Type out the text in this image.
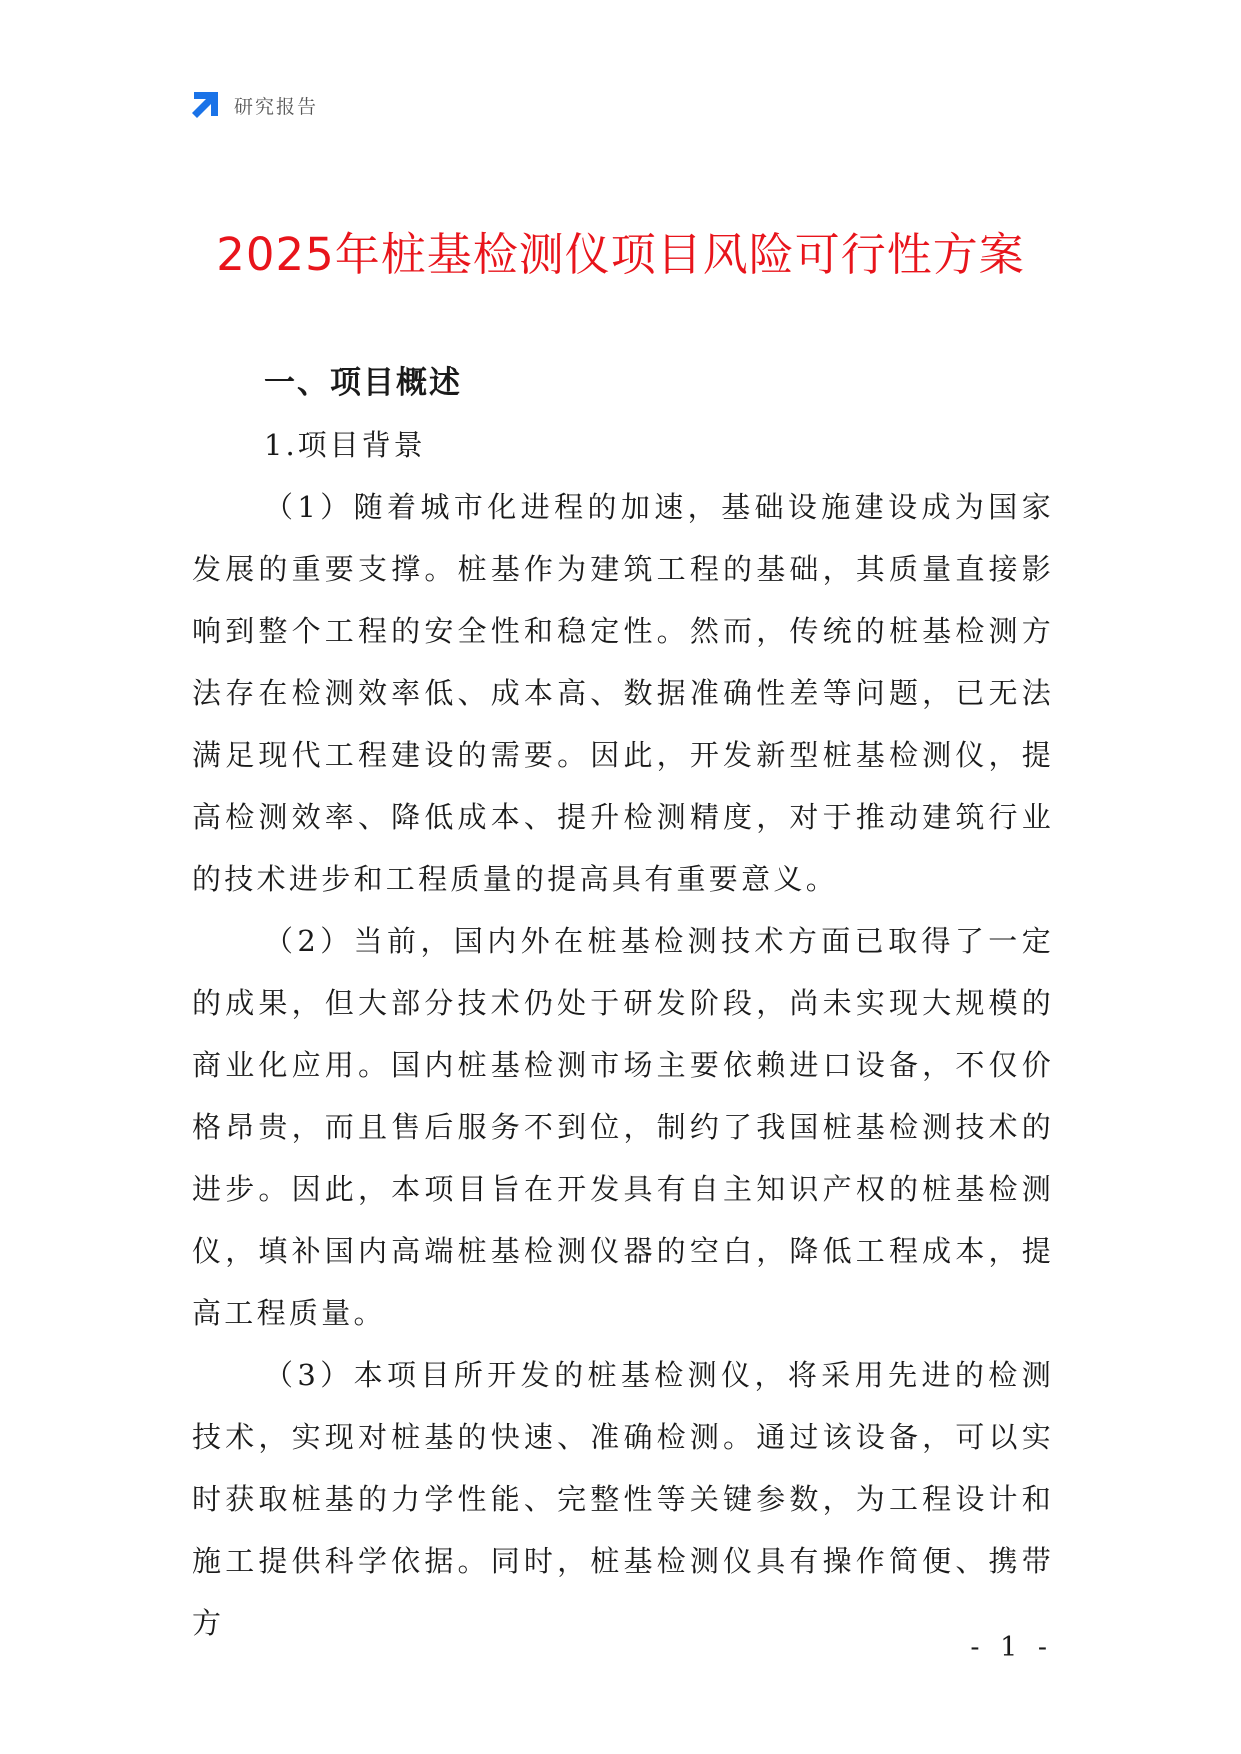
研究报告
2025年桩基检测仪项目风险可行性方案
一、项目概述
1.项目背景

（1）随着城市化进程的加速，基础设施建设成为国家发展的重要支撑。桩基作为建筑工程的基础，其质量直接影响到整个工程的安全性和稳定性。然而，传统的桩基检测方法存在检测效率低、成本高、数据准确性差等问题，已无法满足现代工程建设的需要。因此，开发新型桩基检测仪，提高检测效率、降低成本、提升检测精度，对于推动建筑行业的技术进步和工程质量的提高具有重要意义。

（2）当前，国内外在桩基检测技术方面已取得了一定的成果，但大部分技术仍处于研发阶段，尚未实现大规模的商业化应用。国内桩基检测市场主要依赖进口设备，不仅价格昂贵，而且售后服务不到位，制约了我国桩基检测技术的进步。因此，本项目旨在开发具有自主知识产权的桩基检测仪，填补国内高端桩基检测仪器的空白，降低工程成本，提高工程质量。

（3）本项目所开发的桩基检测仪，将采用先进的检测技术，实现对桩基的快速、准确检测。通过该设备，可以实时获取桩基的力学性能、完整性等关键参数，为工程设计和施工提供科学依据。同时，桩基检测仪具有操作简便、携带方

- 1 -
